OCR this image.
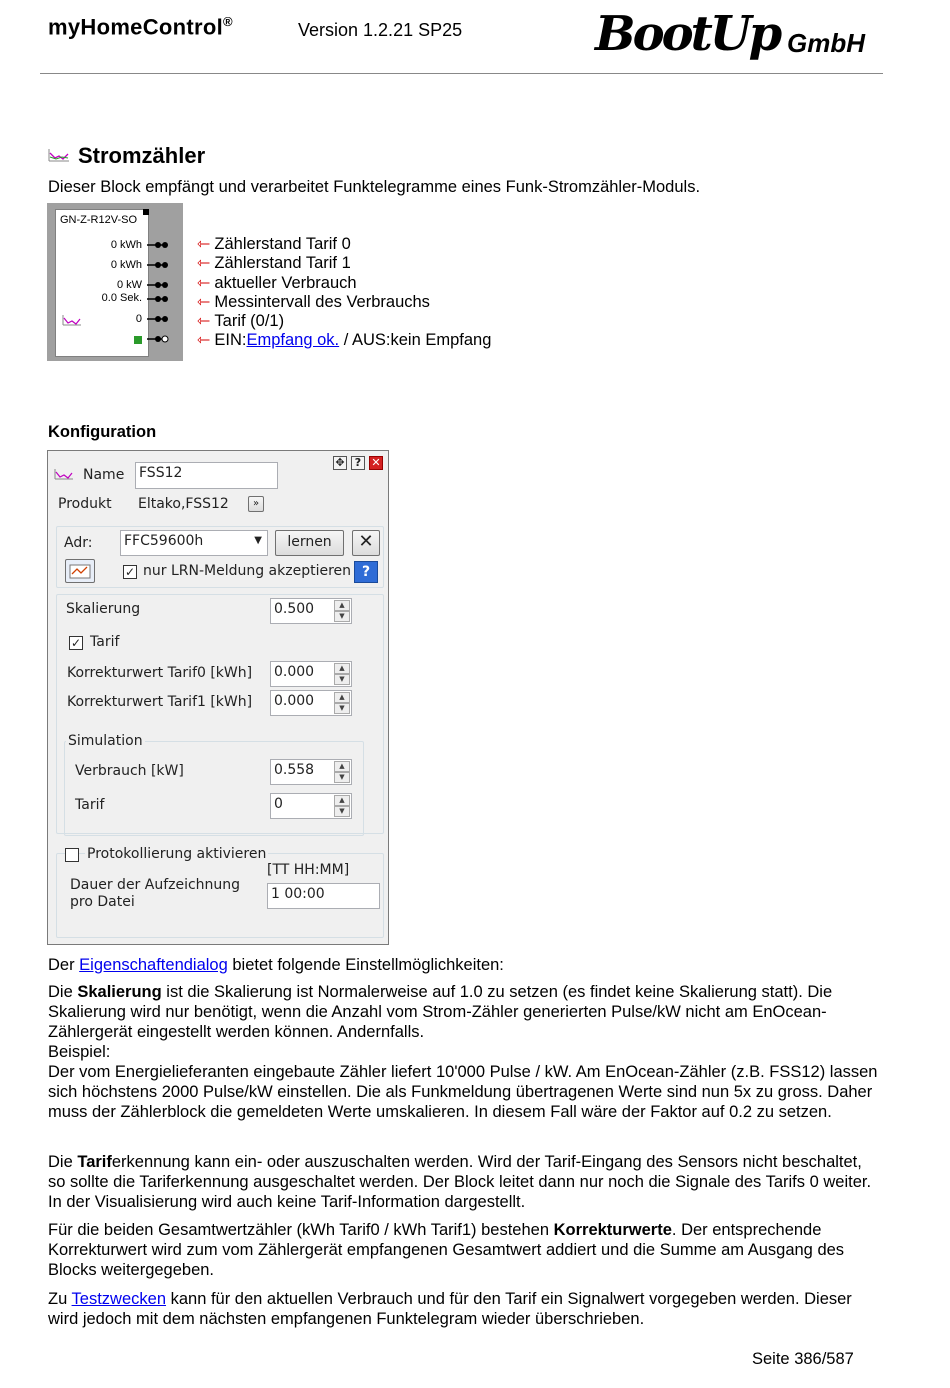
myHomeControl®	Version 1.2.21 SP25	BootUp GmbH
Stromzähler
Dieser Block empfängt und verarbeitet Funktelegramme eines Funk-Stromzähler-Moduls.
GN-Z-R12V-SO
0 kWh
0 kWh
0 kW
0.0 Sek.
0
⇽ Zählerstand Tarif 0
⇽ Zählerstand Tarif 1
⇽ aktueller Verbrauch
⇽ Messintervall des Verbrauchs
⇽ Tarif (0/1)
⇽ EIN:Empfang ok. / AUS:kein Empfang
Konfiguration
Name FSS12
✥ ? ✕
Produkt Eltako,FSS12	»
Adr: FFC59600h	▼	lernen	✕
✓ nur LRN-Meldung akzeptieren ?
Skalierung	0.500	▲
▼
✓ Tarif
Korrekturwert Tarif0 [kWh] 0.000	▲
▼
Korrekturwert Tarif1 [kWh] 0.000	▲
▼
Simulation
Verbrauch [kW]	0.558	▲
▼
Tarif	0	▲
▼
Protokollierung aktivieren
[TT HH:MM]
Dauer der Aufzeichnung
pro Datei	1 00:00
Der Eigenschaftendialog bietet folgende Einstellmöglichkeiten:
Die Skalierung ist die Skalierung ist Normalerweise auf 1.0 zu setzen (es findet keine Skalierung statt). Die Skalierung wird nur benötigt, wenn die Anzahl vom Strom-Zähler generierten Pulse/kW nicht am EnOcean-Zählergerät eingestellt werden können. Andernfalls.
Beispiel:
Der vom Energielieferanten eingebaute Zähler liefert 10'000 Pulse / kW. Am EnOcean-Zähler (z.B. FSS12) lassen sich höchstens 2000 Pulse/kW einstellen. Die als Funkmeldung übertragenen Werte sind nun 5x zu gross. Daher muss der Zählerblock die gemeldeten Werte umskalieren. In diesem Fall wäre der Faktor auf 0.2 zu setzen.
Die Tariferkennung kann ein- oder auszuschalten werden. Wird der Tarif-Eingang des Sensors nicht beschaltet, so sollte die Tariferkennung ausgeschaltet werden. Der Block leitet dann nur noch die Signale des Tarifs 0 weiter. In der Visualisierung wird auch keine Tarif-Information dargestellt.
Für die beiden Gesamtwertzähler (kWh Tarif0 / kWh Tarif1) bestehen Korrekturwerte. Der entsprechende Korrekturwert wird zum vom Zählergerät empfangenen Gesamtwert addiert und die Summe am Ausgang des Blocks weitergegeben.
Zu Testzwecken kann für den aktuellen Verbrauch und für den Tarif ein Signalwert vorgegeben werden. Dieser wird jedoch mit dem nächsten empfangenen Funktelegram wieder überschrieben.
Seite 386/587
